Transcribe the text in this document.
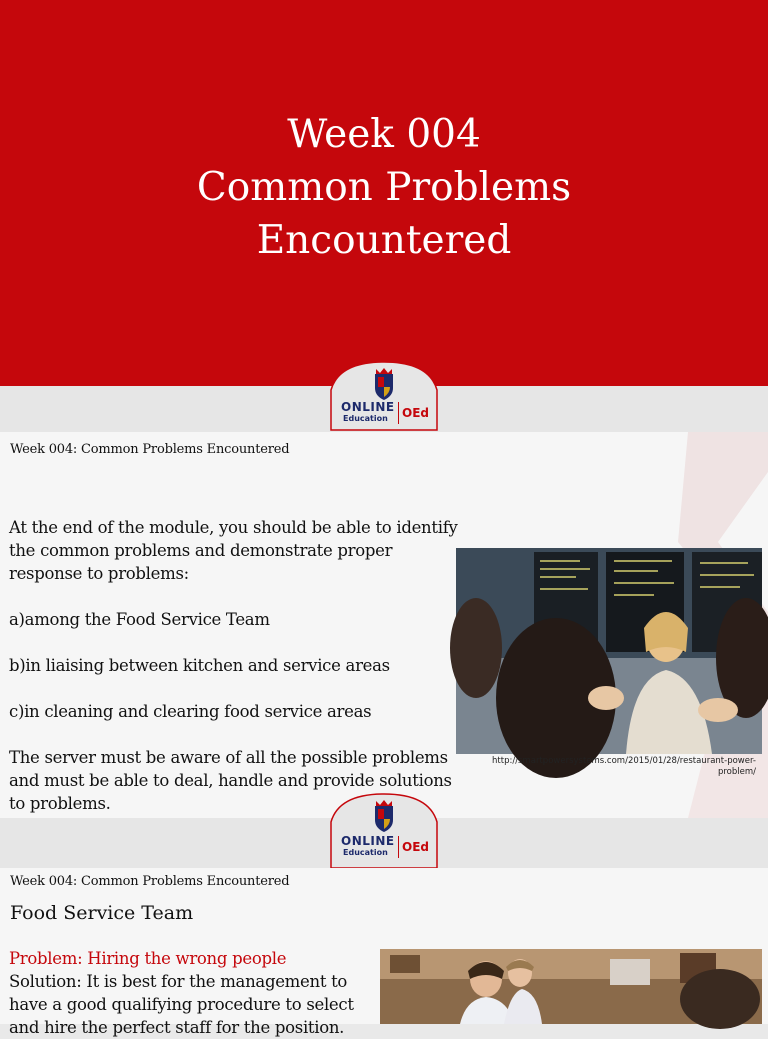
Week 004
Common Problems
Encountered
ONLINE
Education OEd
Week 004: Common Problems Encountered

At the end of the module, you should be able to identify the common problems and demonstrate proper response to problems:

a)among the Food Service Team

b)in liaising between kitchen and service areas

c)in cleaning and clearing food service areas

The server must be aware of all the possible problems and must be able to deal, handle and provide solutions to problems.

http://smartpowersystems.com/2015/01/28/restaurant-power-problem/
ONLINE
Education OEd
Week 004: Common Problems Encountered
Food Service Team

Problem: Hiring the wrong people

Solution: It is best for the management to have a good qualifying procedure to select and hire the perfect staff for the position.
